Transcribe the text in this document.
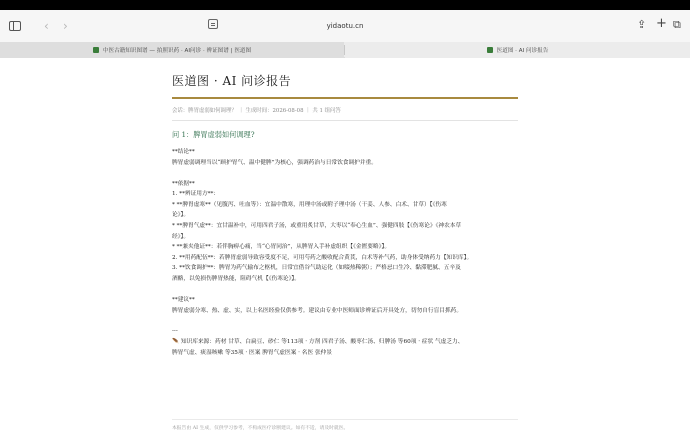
‹ ›	yidaotu.cn	⇪ + ⧉
中医古籍知识图谱 — 拍照识药 · AI问诊 · 辨证图谱 | 医道图	医道图 · AI 问诊报告
医道图 · AI 问诊报告
会话：脾胃虚弱如何调理？ ｜ 生成时间：2026-08-08 ｜ 共 1 组问答
问 1：脾胃虚弱如何调理?

**结论**

脾胃虚弱调理当以“顾护胃气、温中健脾”为核心，强调药治与日常饮食调护并重。

**依据**

1. **辨证用方**：

* **脾胃虚寒**（见腹泻、吐血等）：宜温中散寒，用理中汤或附子理中汤（干姜、人参、白术、甘草）【《伤寒

论》】。

* **脾胃气虚**：宜甘温补中，可用四君子汤，或重用炙甘草，大枣以“奉心生血”、强健四肢【《伤寒论》《神农本草

经》】。

* **兼夹他证**：若伴胸痹心痛，当“心胃同治”，从脾胃入手补虚组织【《金匮要略》】。

2. **用药配伍**：若脾胃虚弱导致容受度不足，可用芍药之酸收配合黄芪，白术等补气药，助身体受纳药力【知识库】。

3. **饮食调护**：脾胃为药气输布之枢机，日常宜借谷气助运化（如啜热稀粥）；严格忌口生冷、黏滞肥腻、五辛及

酒酪，以免损伤脾胃热能，阻碍气机【《伤寒论》】。

**建议**

脾胃虚弱分寒、热、虚、实，以上名医经验仅供参考。建议由专业中医师面诊辨证后开具处方，切勿自行盲目抓药。

---

🪶 知识库来源：药材 甘草、白扁豆、砂仁 等113项 · 方剂 四君子汤、酸枣仁汤、归脾汤 等60项 · 症状 气虚乏力、

脾胃气虚、痰湿咳嗽 等35项 · 医案 脾胃气虚医案 · 名医 张仲景

本报告由 AI 生成，仅供学习参考，不构成医疗诊断建议。如有不适，请及时就医。
